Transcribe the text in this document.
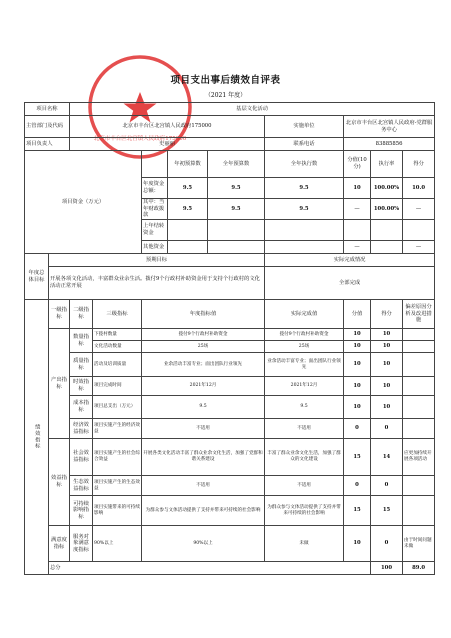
北京市丰台区北宫镇人民政府175000
项目支出事后绩效自评表
（2021 年度）
项目名称		基层文化活动									
主管部门及代码		北京市丰台区北宫镇人民政府175000					实施单位	北京市丰台区北宫镇人民政府-党群服务中心			
项目负责人		史丽丽					联系电话	83885856			
项目资金（万元）					年初预算数	全年预算数	全年执行数	分值(10分)	执行率	得分	
				年度资金总额：	9.5	9.5	9.5	10	100.00%	10.0	
				其中：当年财政拨款	9.5	9.5	9.5	—	100.00%	—	
				上年结转资金							
				其他资金				—		—	
年度总体目标	预期目标						实际完成情况				
	开展各项文化活动，丰富群众业余生活。拨付9个行政村补助资金用于支持个行政村的文化活动正常开展						全部完成				

绩效指标	一级指标	二级指标	三级指标	年度指标值			实际完成值	分值	得分	偏差原因分析及改进措施	
	产出指标	数量指标	下拨村数量	拨付9个行政村补助资金			拨付9个行政村补助资金	10	10		
			文化活动数量	25场			25场	10	10		
		质量指标	活动及培训质量	业余活动丰富专业；面出团队行业领先			业余活动丰富专业；面出团队行业领先	10	10		
		时效指标	项目完成时间	2021年12月			2021年12月	10	10		
		成本指标	项目总支出（万元）	9.5			9.5	10	10		
		经济效益指标	项目实施产生的经济效益	不适用			不适用	0	0		
	效益指标	社会效益指标	项目实施产生的社会综合效益	开展各类文化活动丰富了群众业余文化生活，加强了党群和谐关系建设			丰富了群众业余文化生活，加强了群众的文化建设	15	14	应更加持续开展各项活动	
		生态效益指标	项目实施产生的生态效益	不适用			不适用	0	0		
		可持续影响指标	项目实施带来的可持续影响	为群众参与文体活动提供了支持并带来可持续的社会影响			为群众参与文体活动提供了支持并带来可持续的社会影响	15	15		
	满意度指标	服务对象满意度指标	90%以上	90%以上			未做	10	0	由于时间问题未做	
	总分								100	89.0	
